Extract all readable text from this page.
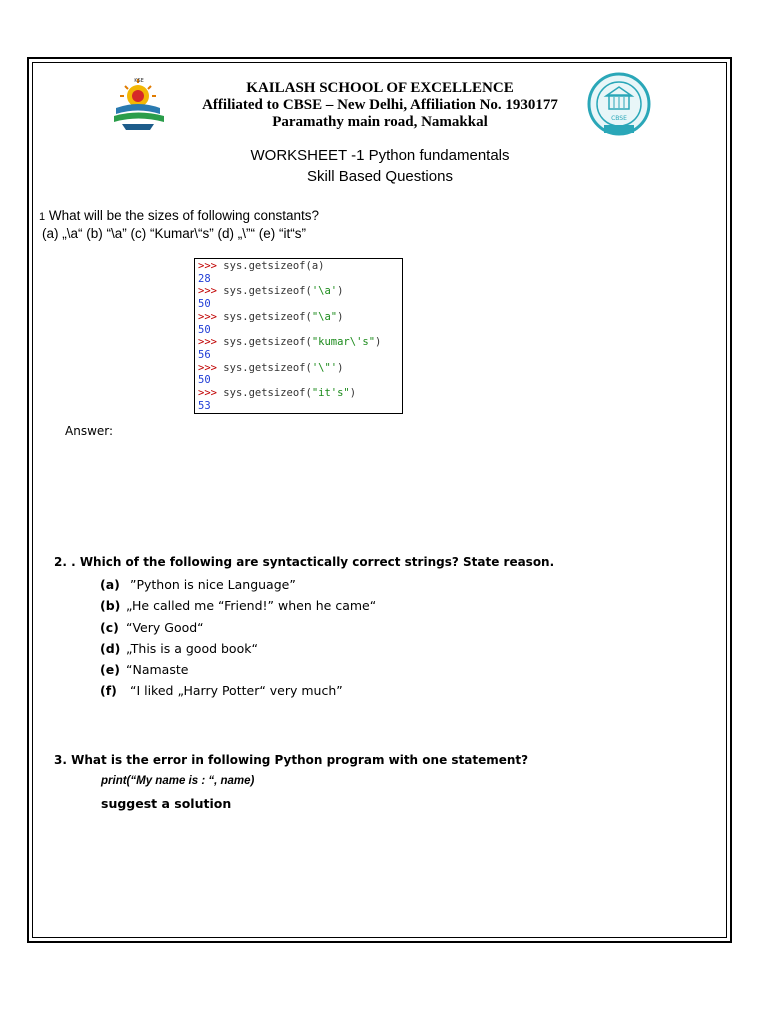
KSE
CBSE
KAILASH SCHOOL OF EXCELLENCE
Affiliated to CBSE – New Delhi, Affiliation No. 1930177
Paramathy main road, Namakkal
WORKSHEET -1 Python fundamentals
Skill Based Questions
1 What will be the sizes of following constants?
(a) „\a“ (b) “\a” (c) “Kumar\“s” (d) „\”“ (e) “it“s”
>>> sys.getsizeof(a)
28
>>> sys.getsizeof('\a')
50
>>> sys.getsizeof("\a")
50
>>> sys.getsizeof("kumar\'s")
56
>>> sys.getsizeof('\"')
50
>>> sys.getsizeof("it's")
53
Answer:
2. . Which of the following are syntactically correct strings? State reason.
(a) ”Python is nice Language”
(b) „He called me “Friend!” when he came“
(c) “Very Good“
(d) „This is a good book“
(e) “Namaste
(f) “I liked „Harry Potter“ very much”
3. What is the error in following Python program with one statement?
print(“My name is : “, name)
suggest a solution
